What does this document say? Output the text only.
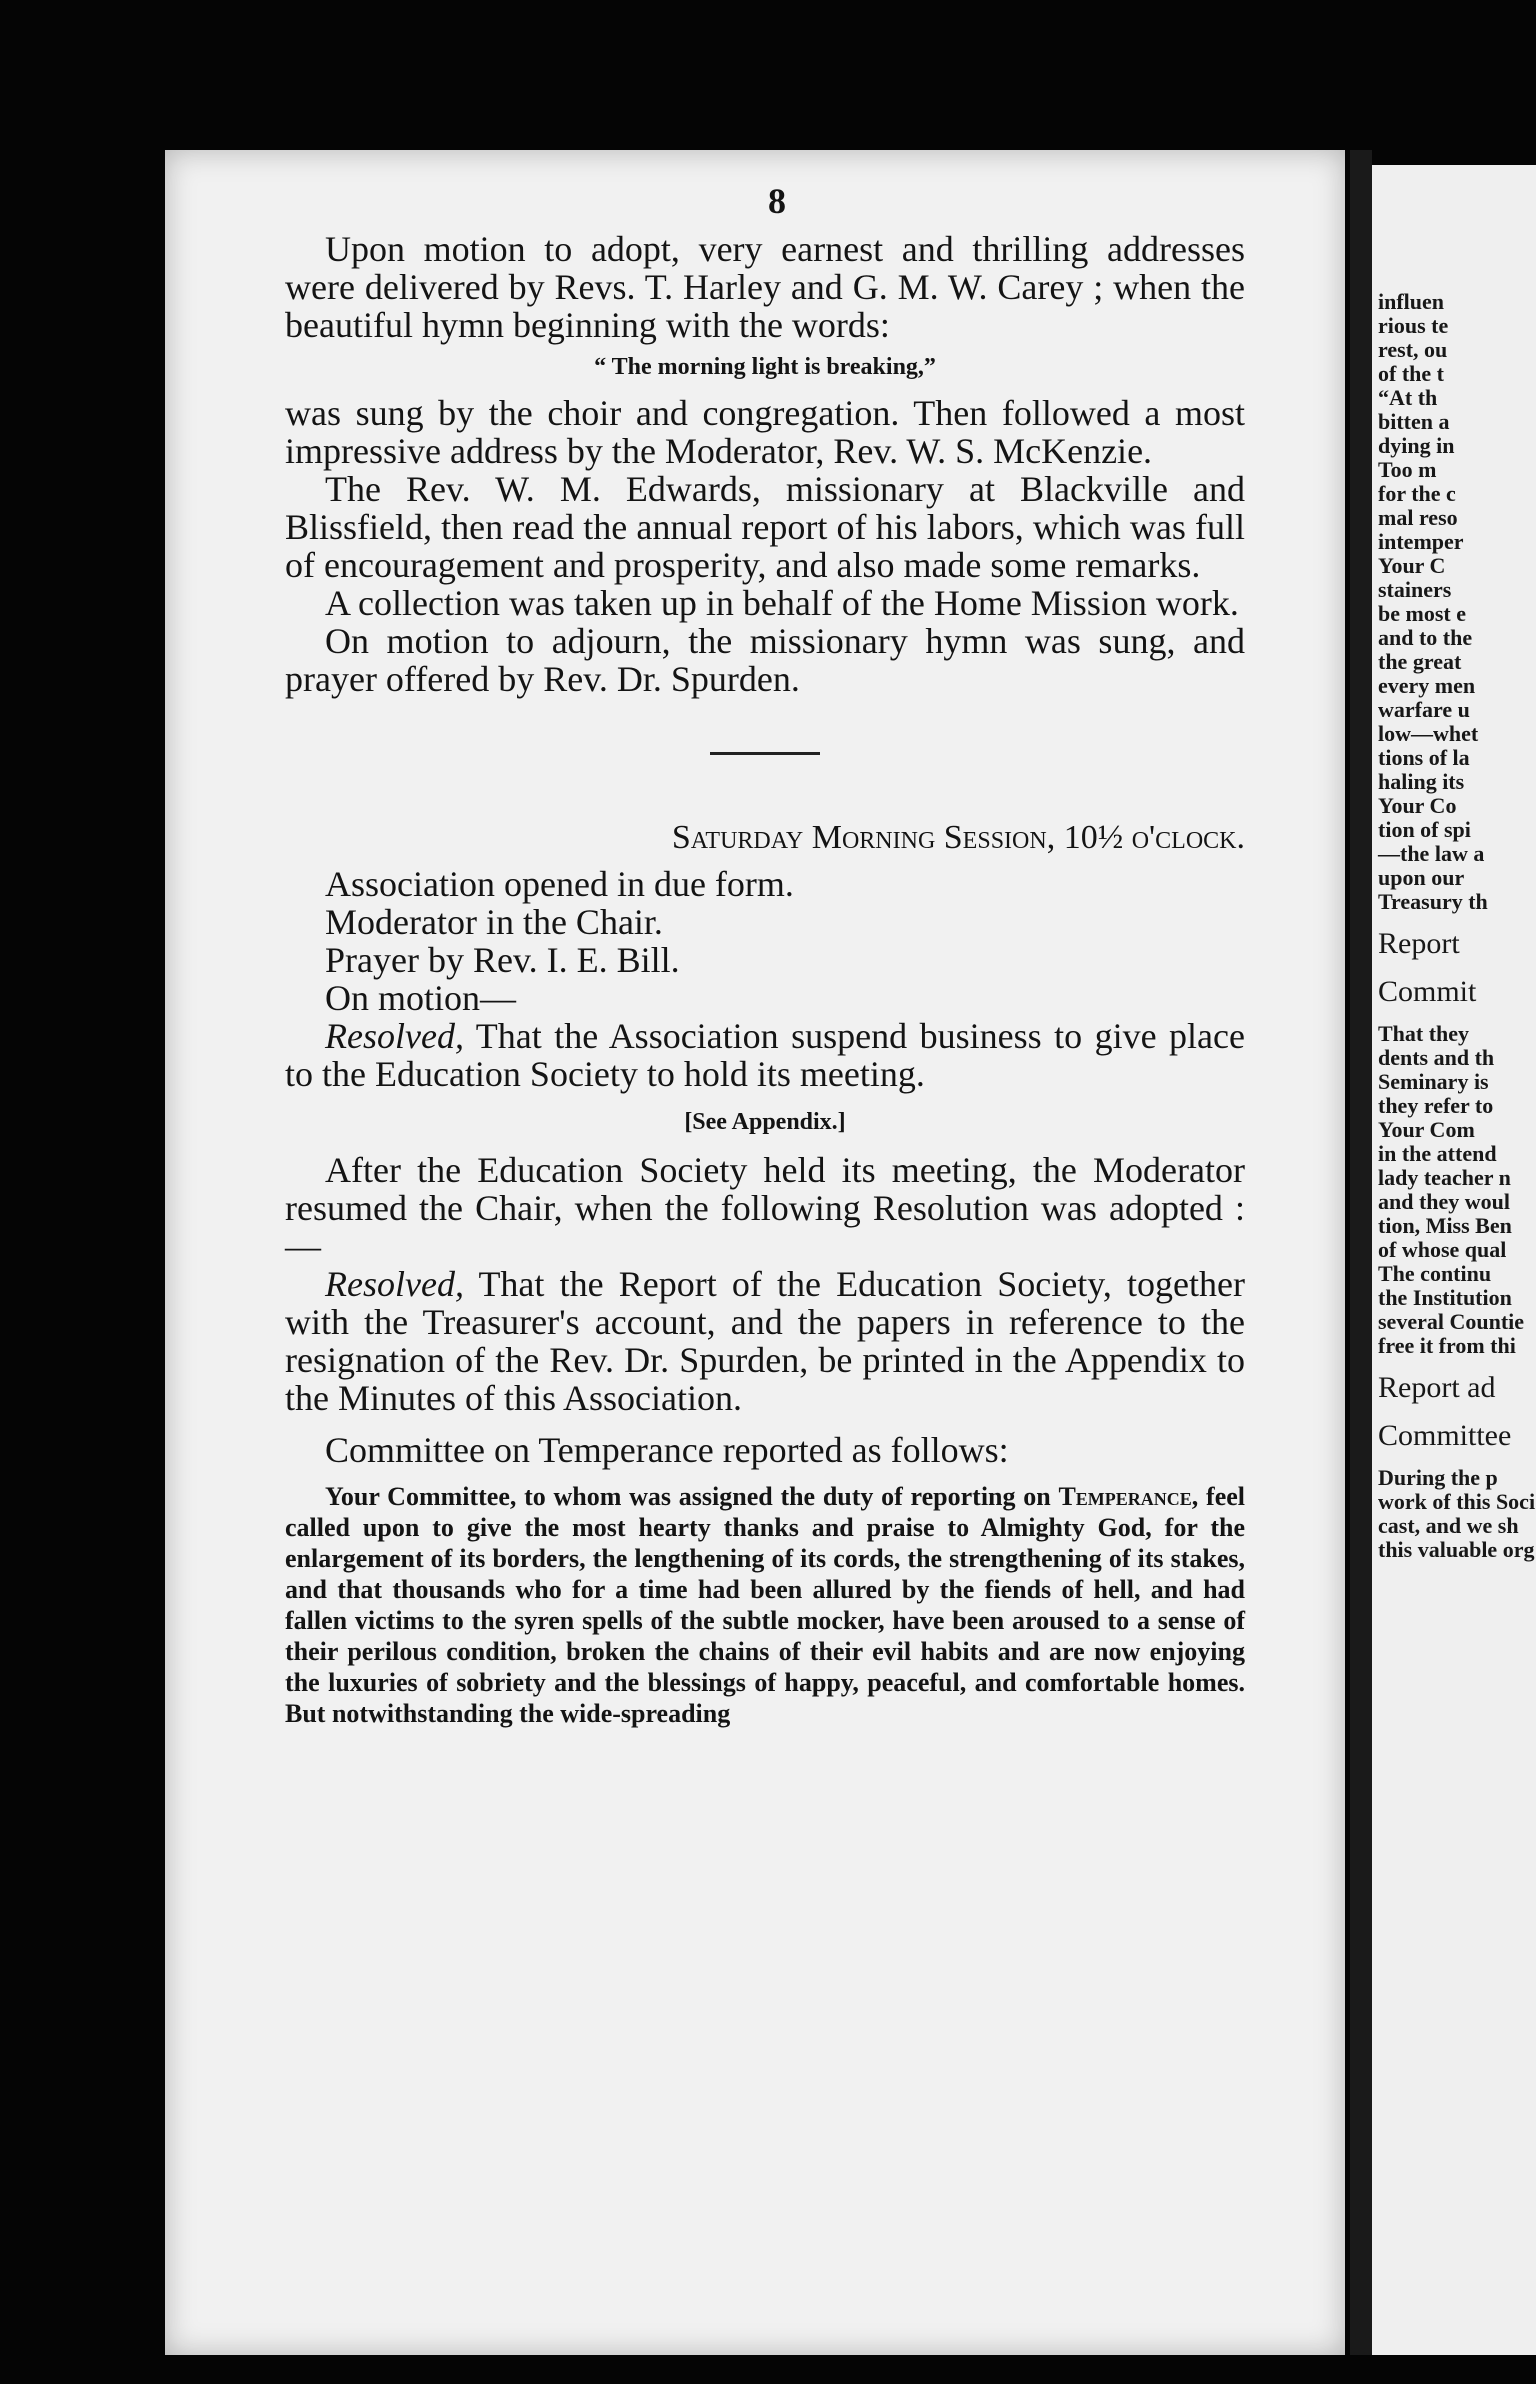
8

Upon motion to adopt, very earnest and thrilling addresses were delivered by Revs. T. Harley and G. M. W. Carey ; when the beautiful hymn beginning with the words:

“ The morning light is breaking,”

was sung by the choir and congregation. Then followed a most impressive address by the Moderator, Rev. W. S. McKenzie.

The Rev. W. M. Edwards, missionary at Blackville and Blissfield, then read the annual report of his labors, which was full of encouragement and prosperity, and also made some remarks.

A collection was taken up in behalf of the Home Mission work.

On motion to adjourn, the missionary hymn was sung, and prayer offered by Rev. Dr. Spurden.

Saturday Morning Session, 10½ o'clock.

Association opened in due form.

Moderator in the Chair.

Prayer by Rev. I. E. Bill.

On motion—

Resolved, That the Association suspend business to give place to the Education Society to hold its meeting.

[See Appendix.]

After the Education Society held its meeting, the Moderator resumed the Chair, when the following Resolution was adopted :—

Resolved, That the Report of the Education Society, together with the Treasurer's account, and the papers in reference to the resignation of the Rev. Dr. Spurden, be printed in the Appendix to the Minutes of this Association.

Committee on Temperance reported as follows:

Your Committee, to whom was assigned the duty of reporting on Temperance, feel called upon to give the most hearty thanks and praise to Almighty God, for the enlargement of its borders, the lengthening of its cords, the strengthening of its stakes, and that thousands who for a time had been allured by the fiends of hell, and had fallen victims to the syren spells of the subtle mocker, have been aroused to a sense of their perilous condition, broken the chains of their evil habits and are now enjoying the luxuries of sobriety and the blessings of happy, peaceful, and comfortable homes. But notwithstanding the wide-spreading

influen
rious te
rest, ou
of the t
“At th
bitten a
dying in
Too m
for the c
mal reso
intemper
Your C
stainers
be most e
and to the
the great
every men
warfare u
low—whet
tions of la
haling its
Your Co
tion of spi
—the law a
upon our
Treasury th
Report
Commit
That they
dents and th
Seminary is
they refer to
Your Com
in the attend
lady teacher n
and they woul
tion, Miss Ben
of whose qual
The continu
the Institution
several Countie
free it from thi
Report ad
Committee
During the p
work of this Soci
cast, and we sh
this valuable org
